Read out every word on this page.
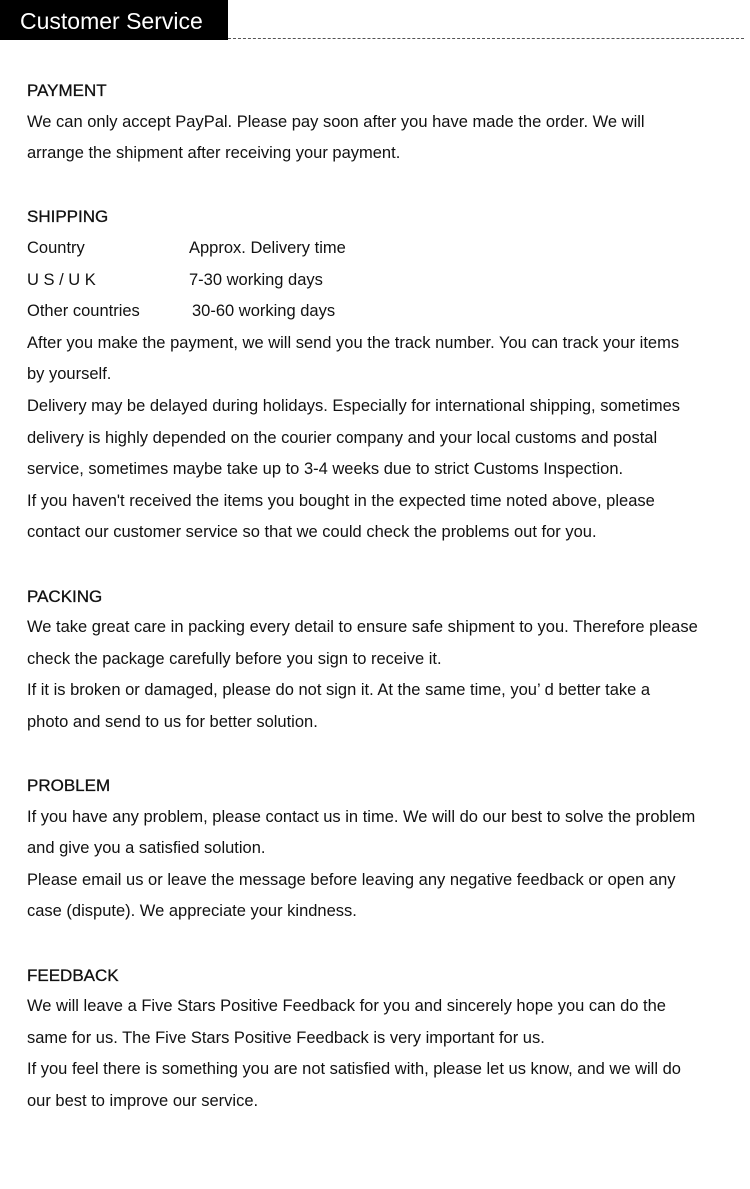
Customer Service
PAYMENT
We can only accept PayPal. Please pay soon after you have made the order. We will
arrange the shipment after receiving your payment.
SHIPPING
Country	Approx. Delivery time
U S / U K	7-30 working days
Other countries	30-60 working days
After you make the payment, we will send you the track number. You can track your items
by yourself.
Delivery may be delayed during holidays. Especially for international shipping, sometimes
delivery is highly depended on the courier company and your local customs and postal
service, sometimes maybe take up to 3-4 weeks due to strict Customs Inspection.
If you haven't received the items you bought in the expected time noted above, please
contact our customer service so that we could check the problems out for you.
PACKING
We take great care in packing every detail to ensure safe shipment to you. Therefore please
check the package carefully before you sign to receive it.
If it is broken or damaged, please do not sign it. At the same time, you’ d better take a
photo and send to us for better solution.
PROBLEM
If you have any problem, please contact us in time. We will do our best to solve the problem
and give you a satisfied solution.
Please email us or leave the message before leaving any negative feedback or open any
case (dispute). We appreciate your kindness.
FEEDBACK
We will leave a Five Stars Positive Feedback for you and sincerely hope you can do the
same for us. The Five Stars Positive Feedback is very important for us.
If you feel there is something you are not satisfied with, please let us know, and we will do
our best to improve our service.
